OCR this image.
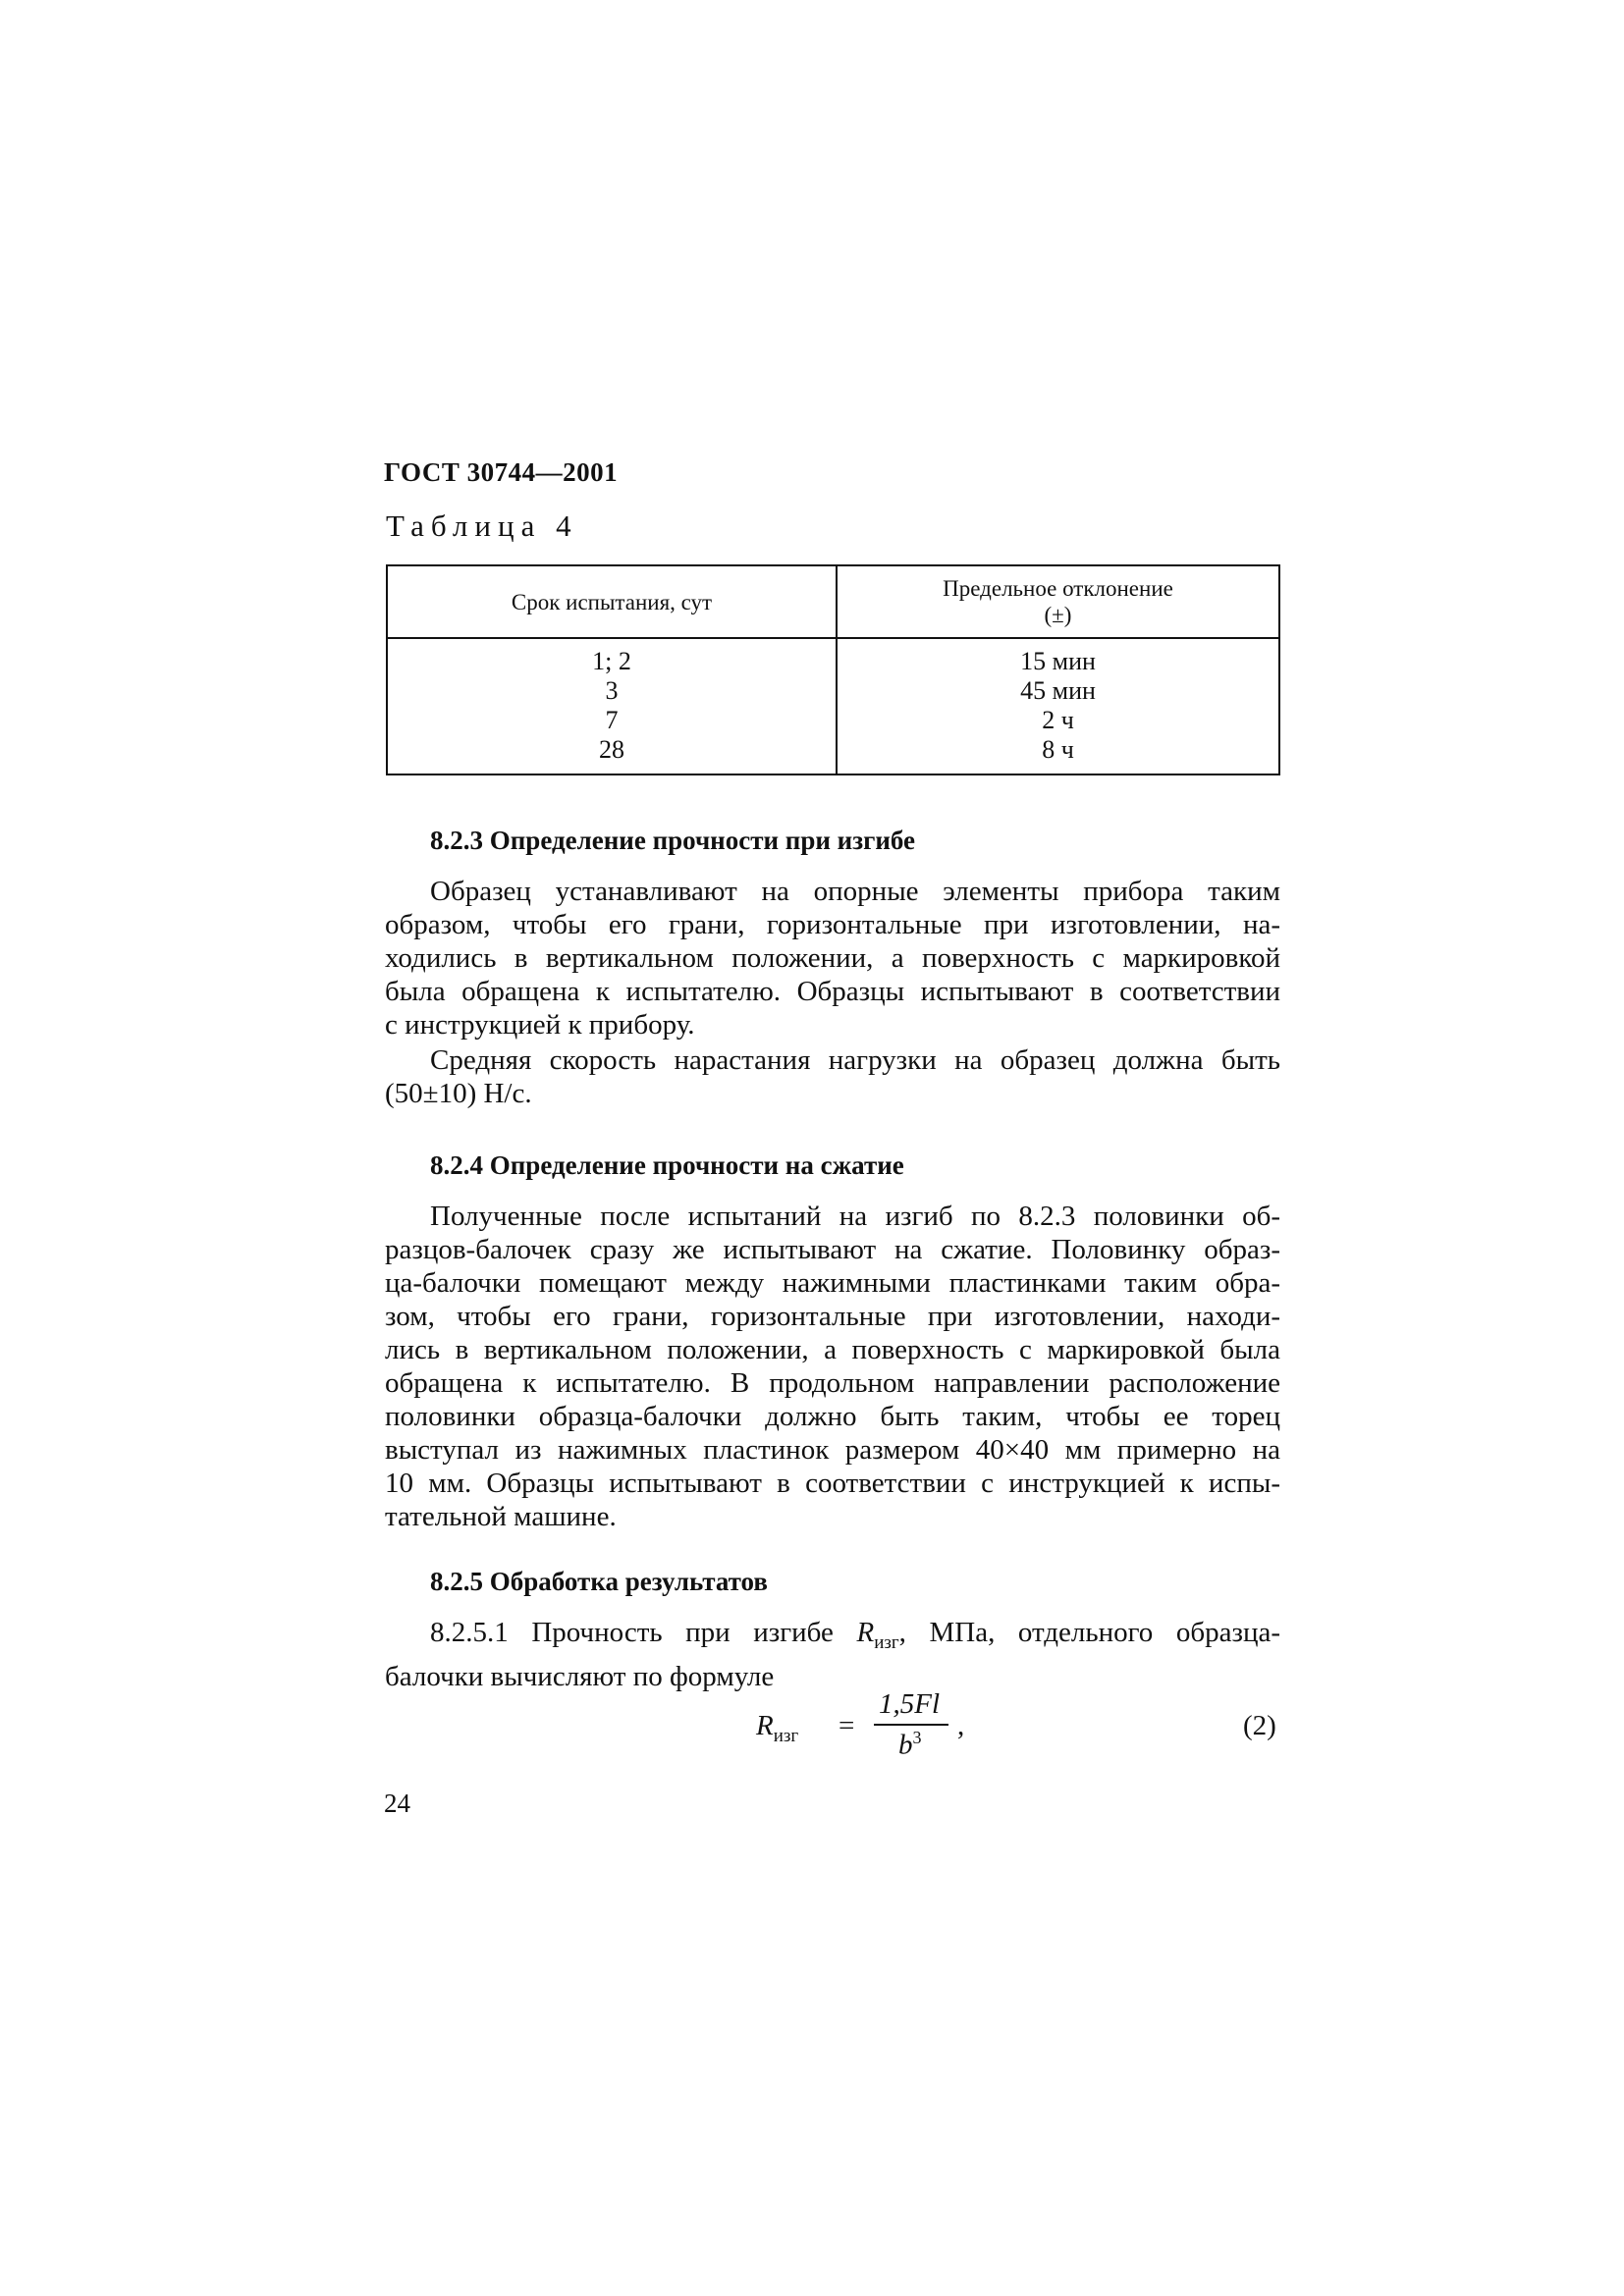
ГОСТ 30744—2001
Таблица 4
Срок испытания, сут
Предельное отклонение
(±)
1; 2
3
7
28
15 мин
45 мин
2 ч
8 ч
8.2.3 Определение прочности при изгибе
Образец устанавливают на опорные элементы прибора таким
образом, чтобы его грани, горизонтальные при изготовлении, на-
ходились в вертикальном положении, а поверхность с маркировкой
была обращена к испытателю. Образцы испытывают в соответствии
с инструкцией к прибору.
Средняя скорость нарастания нагрузки на образец должна быть
(50±10) Н/с.
8.2.4 Определение прочности на сжатие
Полученные после испытаний на изгиб по 8.2.3 половинки об-
разцов-балочек сразу же испытывают на сжатие. Половинку образ-
ца-балочки помещают между нажимными пластинками таким обра-
зом, чтобы его грани, горизонтальные при изготовлении, находи-
лись в вертикальном положении, а поверхность с маркировкой была
обращена к испытателю. В продольном направлении расположение
половинки образца-балочки должно быть таким, чтобы ее торец
выступал из нажимных пластинок размером 40×40 мм примерно на
10 мм. Образцы испытывают в соответствии с инструкцией к испы-
тательной машине.
8.2.5 Обработка результатов
8.2.5.1 Прочность при изгибе $R_{изг}$, МПа, отдельного образца-
балочки вычисляют по формуле
$R_{изг}$ =
1,5Fl
$b^3$ ,	(2)
24
